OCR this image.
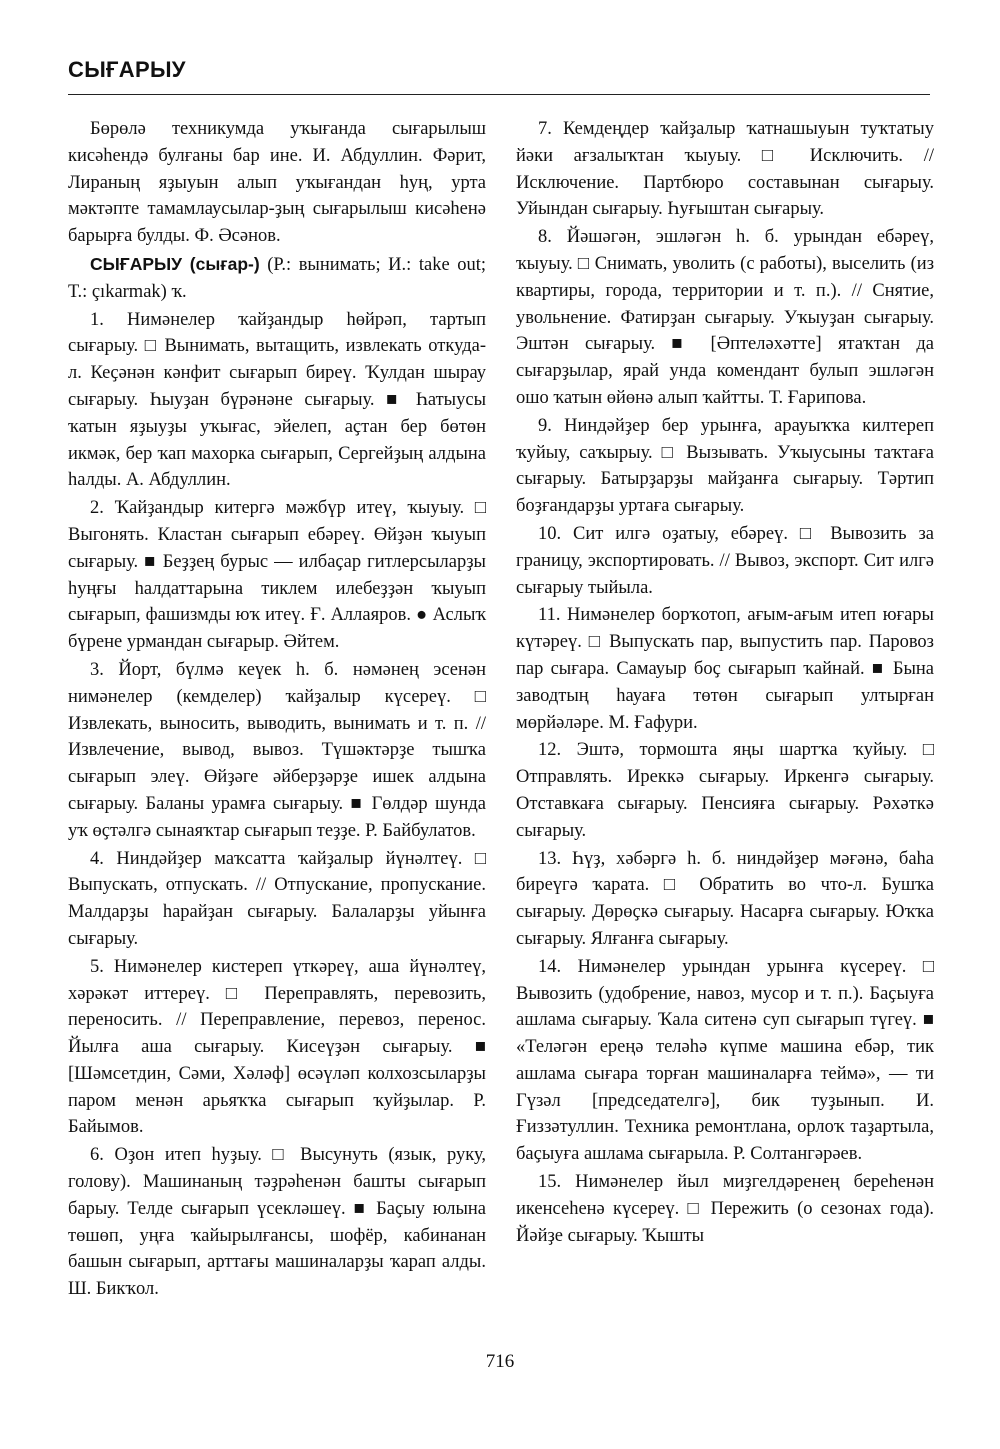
СЫҒАРЫУ

Бөрөлә техникумда уҡығанда сығарылыш кисәһендә булғаны бар ине. И. Абдуллин. Фәрит, Лираның яҙыуын алып уҡығандан һуң, урта мәктәпте тамамлаусылар-ҙың сығарылыш кисәһенә барырға булды. Ф. Әсәнов.

СЫҒАРЫУ (сығар-) (Р.: вынимать; И.: take out; Т.: çıkarmak) ҡ.

1. Нимәнелер ҡайҙандыр һөйрәп, тартып сығарыу. □ Вынимать, вытащить, извлекать откуда-л. Кеҫәнән кәнфит сығарып биреү. Ҡулдан шырау сығарыу. Һыуҙан бүрәнәне сығарыу. ■ Һатыусы ҡатын яҙыуҙы уҡығас, эйелеп, аҫтан бер бөтөн икмәк, бер ҡап махорка сығарып, Сергейҙың алдына һалды. А. Абдуллин.

2. Ҡайҙандыр китергә мәжбүр итеү, ҡыуыу. □ Выгонять. Кластан сығарып ебәреү. Өйҙән ҡыуып сығарыу. ■ Беҙҙең бурыс — илбаҫар гитлерсыларҙы һуңғы һалдаттарына тиклем илебеҙҙән ҡыуып сығарып, фашизмды юҡ итеү. Ғ. Аллаяров. ● Аслыҡ бүрене урмандан сығарыр. Әйтем.

3. Йорт, бүлмә кеүек һ. б. нәмәнең эсенән нимәнелер (кемделер) ҡайҙалыр күсереү. □ Извлекать, выносить, выводить, вынимать и т. п. // Извлечение, вывод, вывоз. Түшәктәрҙе тышҡа сығарып элеү. Өйҙәге әйберҙәрҙе ишек алдына сығарыу. Баланы урамға сығарыу. ■ Гөлдәр шунда уҡ өҫтәлгә сынаяҡтар сығарып теҙҙе. Р. Байбулатов.

4. Ниндәйҙер маҡсатта ҡайҙалыр йүнәлтеү. □ Выпускать, отпускать. // Отпускание, пропускание. Малдарҙы һарайҙан сығарыу. Балаларҙы уйынға сығарыу.

5. Нимәнелер кистереп үткәреү, аша йүнәлтеү, хәрәкәт иттереү. □ Переправлять, перевозить, переносить. // Переправление, перевоз, перенос. Йылға аша сығарыу. Кисеүҙән сығарыу. ■ [Шәмсетдин, Сәми, Хәләф] өсәүләп колхозсыларҙы паром менән арьяҡҡа сығарып ҡуйҙылар. Р. Байымов.

6. Оҙон итеп һуҙыу. □ Высунуть (язык, руку, голову). Машинаның тәҙрәһенән башты сығарып барыу. Телде сығарып үсекләшеү. ■ Баҫыу юлына төшөп, уңға ҡайырылғансы, шофёр, кабинанан башын сығарып, арттағы машиналарҙы ҡарап алды. Ш. Бикҡол.

7. Кемдеңдер ҡайҙалыр ҡатнашыуын туҡтатыу йәки ағзалыҡтан ҡыуыу. □ Исключить. // Исключение. Партбюро составынан сығарыу. Уйындан сығарыу. Һуғыштан сығарыу.

8. Йәшәгән, эшләгән һ. б. урындан ебәреү, ҡыуыу. □ Снимать, уволить (с работы), выселить (из квартиры, города, территории и т. п.). // Снятие, увольнение. Фатирҙан сығарыу. Уҡыуҙан сығарыу. Эштән сығарыу. ■ [Әптеләхәтте] ятаҡтан да сығарҙылар, ярай унда комендант булып эшләгән ошо ҡатын өйөнә алып ҡайтты. Т. Ғарипова.

9. Ниндәйҙер бер урынға, арауыҡҡа килтереп ҡуйыу, саҡырыу. □ Вызывать. Уҡыусыны таҡтаға сығарыу. Батырҙарҙы майҙанға сығарыу. Тәртип боҙғандарҙы уртаға сығарыу.

10. Сит илгә оҙатыу, ебәреү. □ Вывозить за границу, экспортировать. // Вывоз, экспорт. Сит илгә сығарыу тыйыла.

11. Нимәнелер борҡотоп, ағым-ағым итеп юғары күтәреү. □ Выпускать пар, выпустить пар. Паровоз пар сығара. Самауыр боҫ сығарып ҡайнай. ■ Бына заводтың һауаға төтөн сығарып ултырған мөрйәләре. М. Ғафури.

12. Эштә, тормошта яңы шартҡа ҡуйыу. □ Отправлять. Иреккә сығарыу. Иркенгә сығарыу. Отставкаға сығарыу. Пенсияға сығарыу. Рәхәткә сығарыу.

13. Һүҙ, хәбәргә һ. б. ниндәйҙер мәғәнә, баһа биреүгә ҡарата. □ Обратить во что-л. Бушҡа сығарыу. Дөрөҫкә сығарыу. Насарға сығарыу. Юҡҡа сығарыу. Ялғанға сығарыу.

14. Нимәнелер урындан урынға күсереү. □ Вывозить (удобрение, навоз, мусор и т. п.). Баҫыуға ашлама сығарыу. Ҡала ситенә суп сығарып түгеү. ■ «Теләгән ереңә теләһә күпме машина ебәр, тик ашлама сығара торған машиналарға теймә», — ти Гүзәл [председателгә], бик туҙынып. И. Ғиззәтуллин. Техника ремонтлана, орлоҡ таҙартыла, баҫыуға ашлама сығарыла. Р. Солтангәрәев.

15. Нимәнелер йыл миҙгелдәренең береһенән икенсеһенә күсереү. □ Пережить (о сезонах года). Йәйҙе сығарыу. Ҡышты

716
